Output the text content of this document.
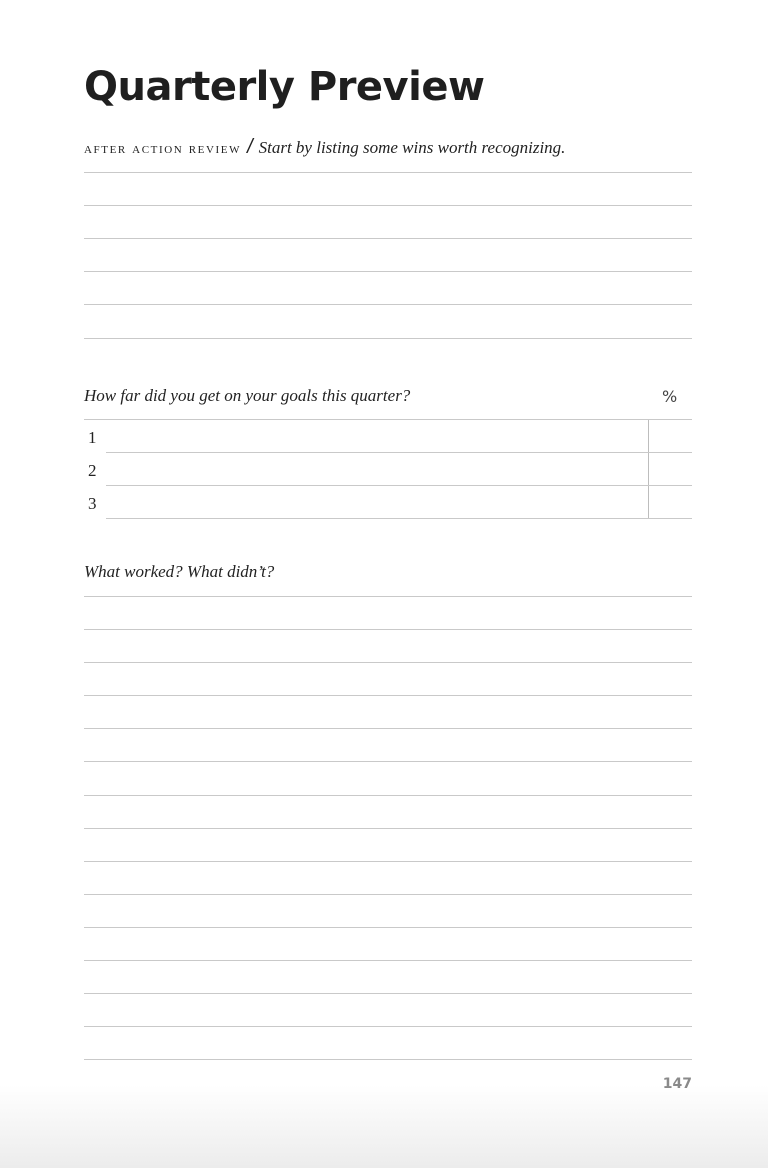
Quarterly Preview
after action review / Start by listing some wins worth recognizing.
How far did you get on your goals this quarter?	%
1
2
3
What worked? What didn’t?
147
